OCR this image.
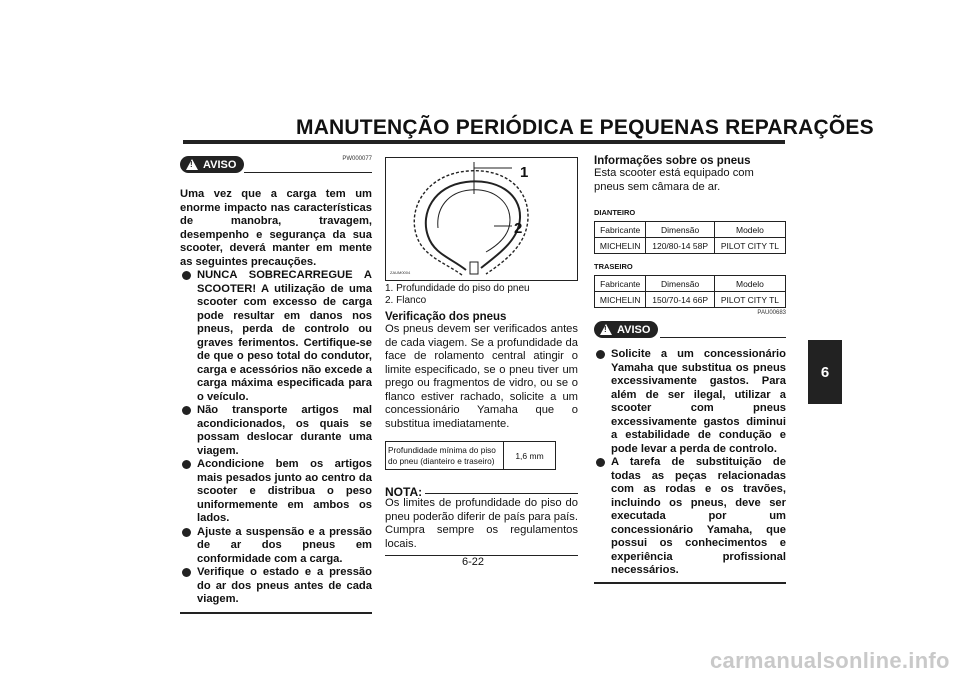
MANUTENÇÃO PERIÓDICA E PEQUENAS REPARAÇÕES
6
!
AVISO	PW000077
Uma vez que a carga tem um enorme impacto nas características de manobra, travagem, desempenho e segurança da sua scooter, deverá manter em mente as seguintes precauções.
NUNCA SOBRECARREGUE A SCOOTER! A utilização de uma scooter com excesso de carga pode resultar em danos nos pneus, perda de controlo ou graves ferimentos. Certifique-se de que o peso total do condutor, carga e acessórios não excede a carga máxima especificada para o veículo.
Não transporte artigos mal acondicionados, os quais se possam deslocar durante uma viagem.
Acondicione bem os artigos mais pesados junto ao centro da scooter e distribua o peso uniformemente em ambos os lados.
Ajuste a suspensão e a pressão de ar dos pneus em conformidade com a carga.
Verifique o estado e a pressão do ar dos pneus antes de cada viagem.
1
2
ZAUM0004
1. Profundidade do piso do pneu
2. Flanco
Verificação dos pneus
Os pneus devem ser verificados antes de cada viagem. Se a profundidade da face de rolamento central atingir o limite especificado, se o pneu tiver um prego ou fragmentos de vidro, ou se o flanco estiver rachado, solicite a um concessionário Yamaha que o substitua imediatamente.
Profundidade mínima do piso do pneu (dianteiro e traseiro)	1,6 mm
NOTA:
Os limites de profundidade do piso do pneu poderão diferir de país para país. Cumpra sempre os regulamentos locais.
Informações sobre os pneus
Esta scooter está equipado com pneus sem câmara de ar.
DIANTEIRO
Fabricante	Dimensão	Modelo
MICHELIN	120/80-14 58P	PILOT CITY TL
TRASEIRO
Fabricante	Dimensão	Modelo
MICHELIN	150/70-14 66P	PILOT CITY TL
PAU00683
!
AVISO
Solicite a um concessionário Yamaha que substitua os pneus excessivamente gastos. Para além de ser ilegal, utilizar a scooter com pneus excessivamente gastos diminui a estabilidade de condução e pode levar a perda de controlo.
A tarefa de substituição de todas as peças relacionadas com as rodas e os travões, incluindo os pneus, deve ser executada por um concessionário Yamaha, que possui os conhecimentos e experiência profissional necessários.
6-22
carmanualsonline.info
